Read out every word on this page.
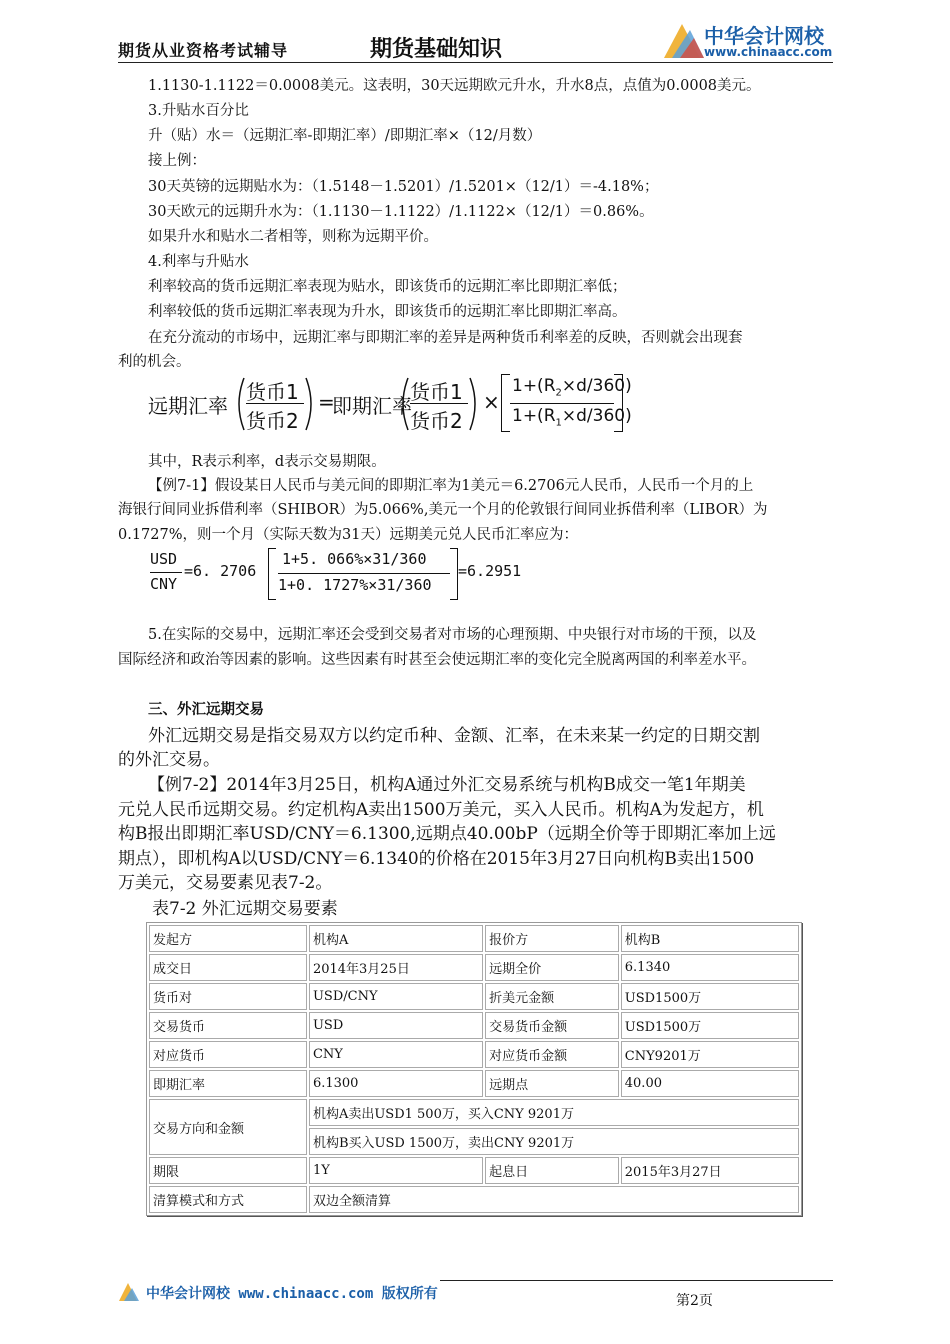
期货从业资格考试辅导	期货基础知识
中华会计网校
www.chinaacc.com
1.1130-1.1122＝0.0008美元。这表明，30天远期欧元升水，升水8点，点值为0.0008美元。
3.升贴水百分比
升（贴）水＝（远期汇率-即期汇率）/即期汇率×（12/月数）
接上例：
30天英镑的远期贴水为：（1.5148－1.5201）/1.5201×（12/1）＝-4.18%；
30天欧元的远期升水为：（1.1130－1.1122）/1.1122×（12/1）＝0.86%。
如果升水和贴水二者相等，则称为远期平价。
4.利率与升贴水
利率较高的货币远期汇率表现为贴水，即该货币的远期汇率比即期汇率低；
利率较低的货币远期汇率表现为升水，即该货币的远期汇率比即期汇率高。
在充分流动的市场中，远期汇率与即期汇率的差异是两种货币利率差的反映，否则就会出现套
利的机会。
远期汇率
货币1
货币2
=
即期汇率
货币1
货币2
×
$1+(R_2\times d/360)$
$1+(R_1\times d/360)$
其中，R表示利率，d表示交易期限。
【例7-1】假设某日人民币与美元间的即期汇率为1美元＝6.2706元人民币，人民币一个月的上
海银行间同业拆借利率（SHIBOR）为5.066%,美元一个月的伦敦银行间同业拆借利率（LIBOR）为
0.1727%，则一个月（实际天数为31天）远期美元兑人民币汇率应为：
USD
CNY
=6. 2706
1+5. 066%×31/360
1+0. 1727%×31/360
=6.2951
5.在实际的交易中，远期汇率还会受到交易者对市场的心理预期、中央银行对市场的干预，以及
国际经济和政治等因素的影响。这些因素有时甚至会使远期汇率的变化完全脱离两国的利率差水平。
三、外汇远期交易
外汇远期交易是指交易双方以约定币种、金额、汇率，在未来某一约定的日期交割
的外汇交易。
【例7-2】2014年3月25日，机构A通过外汇交易系统与机构B成交一笔1年期美
元兑人民币远期交易。约定机构A卖出1500万美元，买入人民币。机构A为发起方，机
构B报出即期汇率USD/CNY＝6.1300,远期点40.00bP（远期全价等于即期汇率加上远
期点），即机构A以USD/CNY＝6.1340的价格在2015年3月27日向机构B卖出1500
万美元，交易要素见表7-2。
表7-2 外汇远期交易要素
发起方	机构A	报价方	机构B
成交日	2014年3月25日	远期全价	6.1340
货币对	USD/CNY	折美元金额	USD1500万
交易货币	USD	交易货币金额	USD1500万
对应货币	CNY	对应货币金额	CNY9201万
即期汇率	6.1300	远期点	40.00
交易方向和金额	机构A卖出USD1 500万，买入CNY 9201万		
	机构B买入USD 1500万，卖出CNY 9201万		
期限	1Y	起息日	2015年3月27日
清算模式和方式	双边全额清算		
中华会计网校 www.chinaacc.com 版权所有	第2页
